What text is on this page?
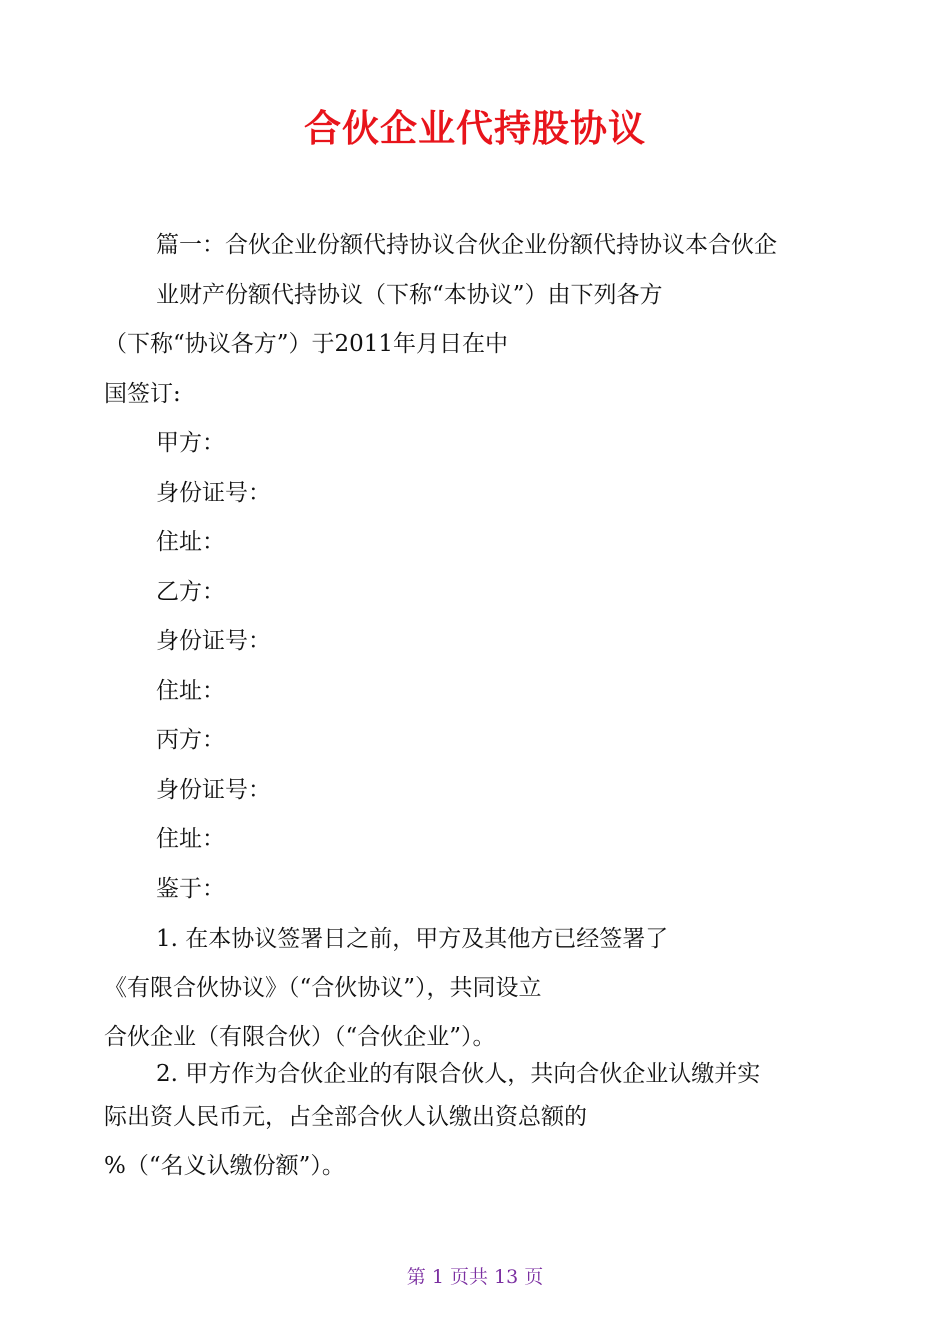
合伙企业代持股协议
篇一：合伙企业份额代持协议合伙企业份额代持协议本合伙企
业财产份额代持协议（下称“本协议”）由下列各方
（下称“协议各方”）于2011年月日在中
国签订:
甲方：
身份证号：
住址：
乙方：
身份证号：
住址：
丙方：
身份证号：
住址：
鉴于：
1. 在本协议签署日之前，甲方及其他方已经签署了
《有限合伙协议》（“合伙协议”），共同设立
合伙企业（有限合伙）（“合伙企业”）。
2. 甲方作为合伙企业的有限合伙人，共向合伙企业认缴并实
际出资人民币元，占全部合伙人认缴出资总额的
%（“名义认缴份额”）。
第 1 页共 13 页
